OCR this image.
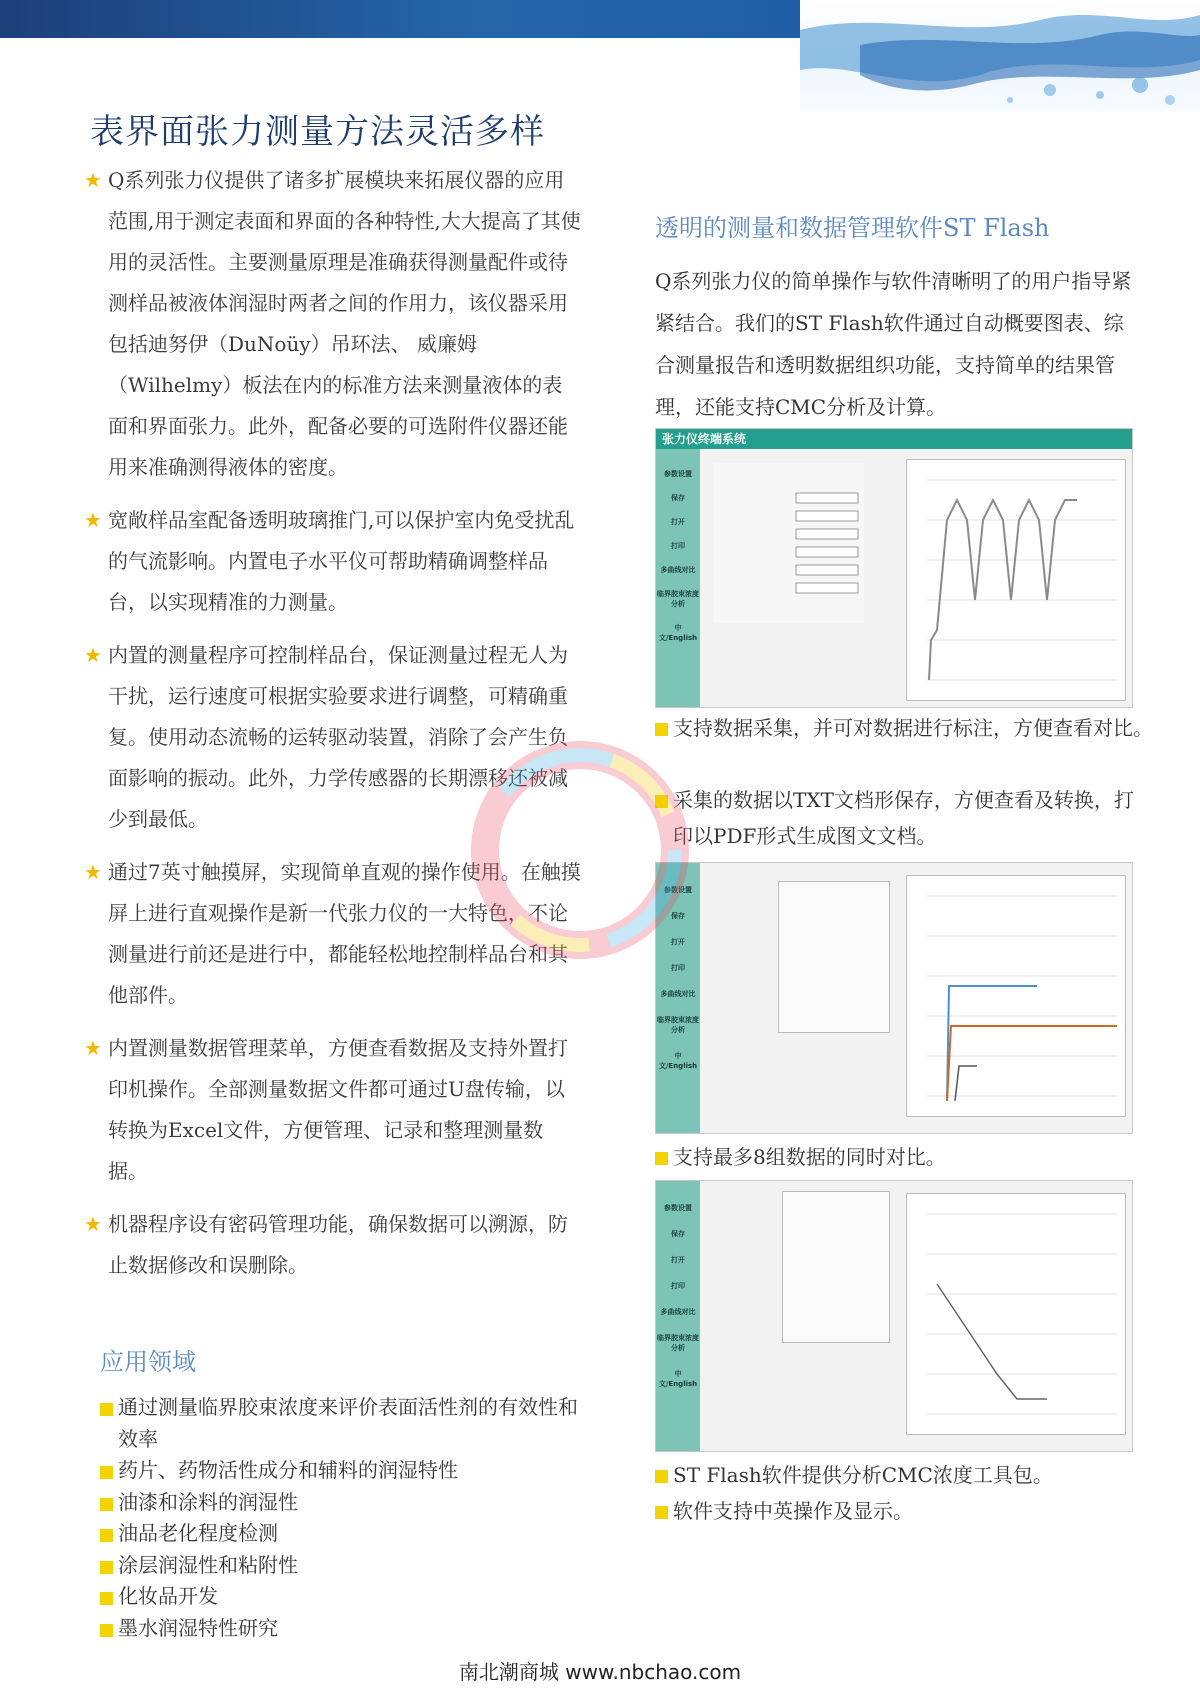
表界面张力测量方法灵活多样
★ Q系列张力仪提供了诸多扩展模块来拓展仪器的应用范围,用于测定表面和界面的各种特性,大大提高了其使用的灵活性。主要测量原理是准确获得测量配件或待测样品被液体润湿时两者之间的作用力，该仪器采用包括迪努伊（DuNoüy）吊环法、 威廉姆（Wilhelmy）板法在内的标准方法来测量液体的表面和界面张力。此外，配备必要的可选附件仪器还能用来准确测得液体的密度。
★ 宽敞样品室配备透明玻璃推门,可以保护室内免受扰乱的气流影响。内置电子水平仪可帮助精确调整样品台，以实现精准的力测量。
★ 内置的测量程序可控制样品台，保证测量过程无人为干扰，运行速度可根据实验要求进行调整，可精确重复。使用动态流畅的运转驱动装置，消除了会产生负面影响的振动。此外，力学传感器的长期漂移还被减少到最低。
★ 通过7英寸触摸屏，实现简单直观的操作使用。在触摸屏上进行直观操作是新一代张力仪的一大特色，不论测量进行前还是进行中，都能轻松地控制样品台和其他部件。
★ 内置测量数据管理菜单，方便查看数据及支持外置打印机操作。全部测量数据文件都可通过U盘传输，以转换为Excel文件，方便管理、记录和整理测量数据。
★ 机器程序设有密码管理功能，确保数据可以溯源，防止数据修改和误删除。
应用领域
通过测量临界胶束浓度来评价表面活性剂的有效性和效率
药片、药物活性成分和辅料的润湿特性
油漆和涂料的润湿性
油品老化程度检测
涂层润湿性和粘附性
化妆品开发
墨水润湿特性研究
透明的测量和数据管理软件ST Flash
Q系列张力仪的简单操作与软件清晰明了的用户指导紧紧结合。我们的ST Flash软件通过自动概要图表、综合测量报告和透明数据组织功能，支持简单的结果管理，还能支持CMC分析及计算。
张力仪终端系统
参数设置
保存
打开
打印
多曲线对比
临界胶束浓度分析
中文/English
支持数据采集，并可对数据进行标注，方便查看对比。
采集的数据以TXT文档形保存，方便查看及转换，打印以PDF形式生成图文文档。
参数设置
保存
打开
打印
多曲线对比
临界胶束浓度分析
中文/English
支持最多8组数据的同时对比。
参数设置
保存
打开
打印
多曲线对比
临界胶束浓度分析
中文/English
ST Flash软件提供分析CMC浓度工具包。
软件支持中英操作及显示。
南北潮商城 www.nbchao.com
